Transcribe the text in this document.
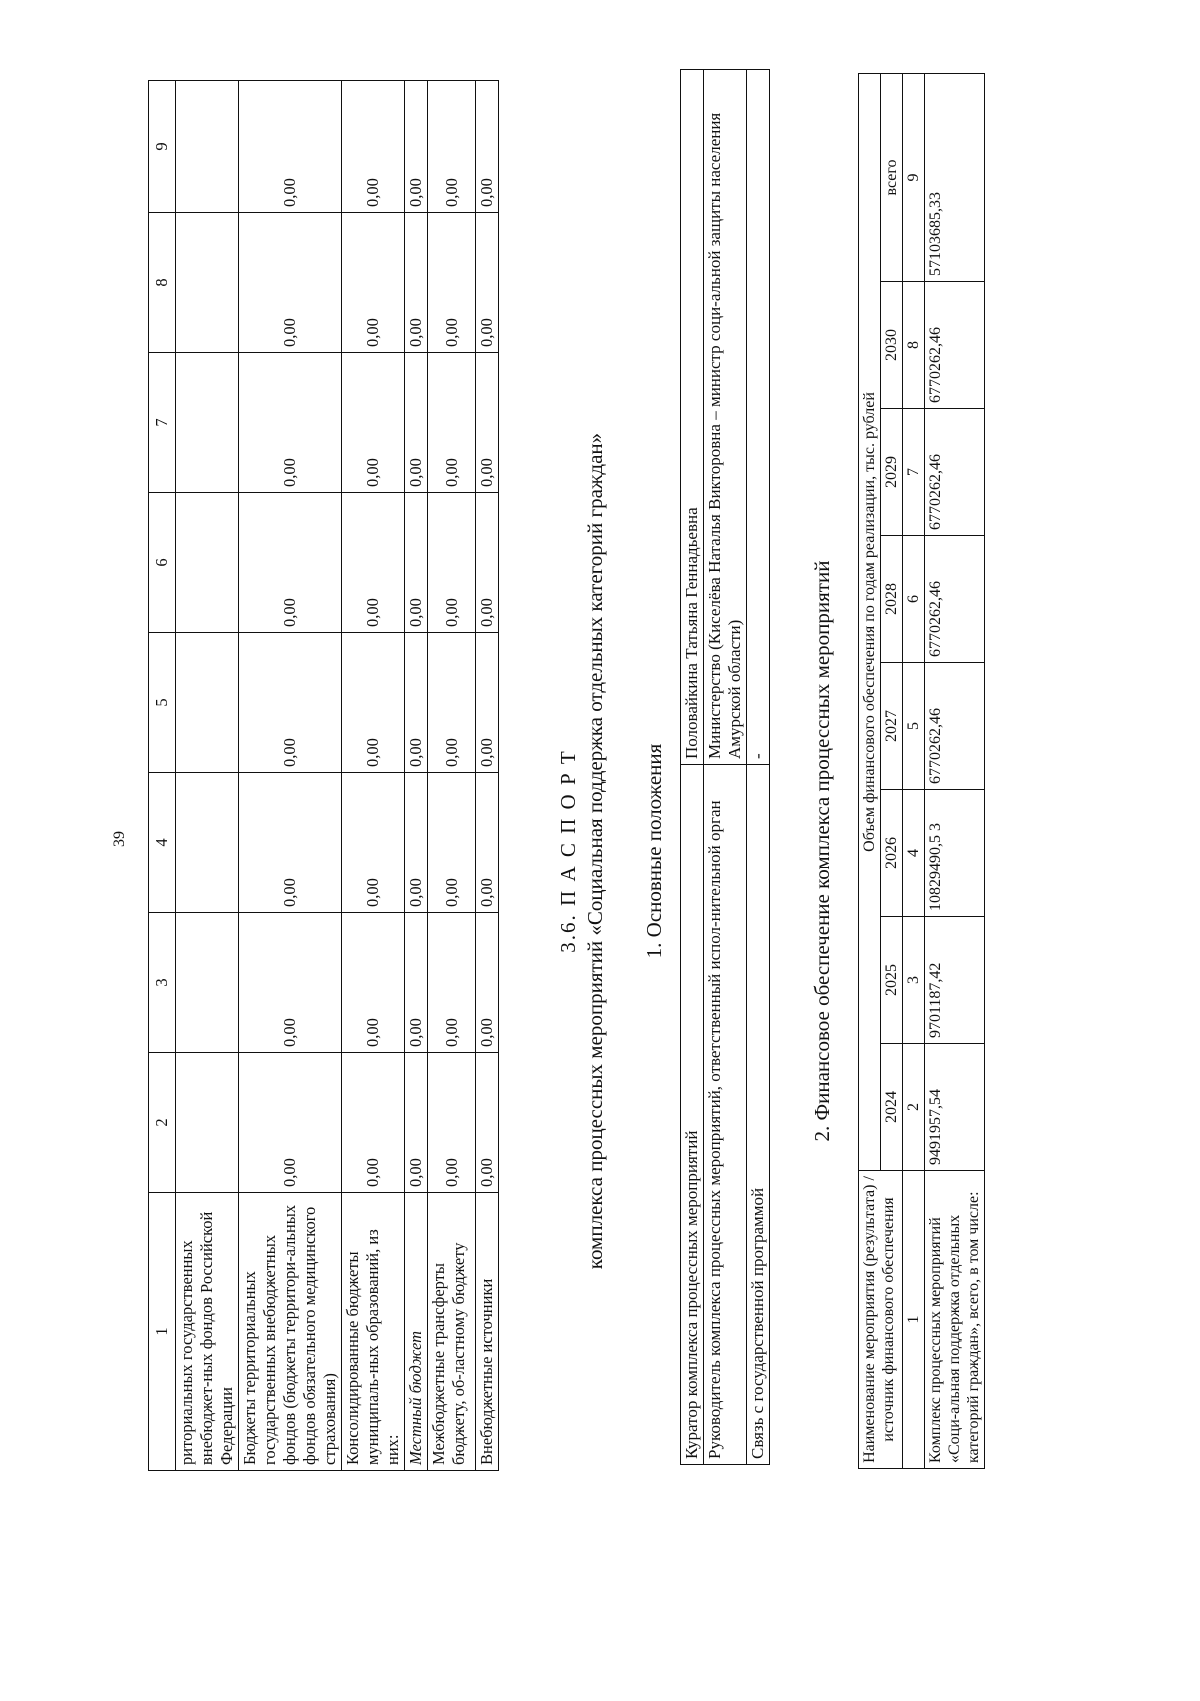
39
1	2	3	4	5	6	7	8	9
риториальных государственных внебюджет-ных фондов Российской Федерации								
Бюджеты территориальных государственных внебюджетных фондов (бюджеты территори-альных фондов обязательного медицинского страхования)	0,00	0,00	0,00	0,00	0,00	0,00	0,00	0,00
Консолидированные бюджеты муниципаль-ных образований, из них:	0,00	0,00	0,00	0,00	0,00	0,00	0,00	0,00
Местный бюджет	0,00	0,00	0,00	0,00	0,00	0,00	0,00	0,00
Межбюджетные трансферты бюджету, об-ластному бюджету	0,00	0,00	0,00	0,00	0,00	0,00	0,00	0,00
Внебюджетные источники	0,00	0,00	0,00	0,00	0,00	0,00	0,00	0,00
3.6. П А С П О Р Т комплекса процессных мероприятий «Социальная поддержка отдельных категорий граждан» 1. Основные положения
Куратор комплекса процессных мероприятий	Половайкина Татьяна Геннадьевна
Руководитель комплекса процессных мероприятий, ответственный испол-нительной орган	Министерство (Киселёва Наталья Викторовна – министр соци-альной защиты населения Амурской области)
Связь с государственной программой	- 2. Финансовое обеспечение комплекса процессных мероприятий
Наименование мероприятия (результата) / источник финансового обеспечения	Объем финансового обеспечения по годам реализации, тыс. рублей							
	2024	2025	2026	2027	2028	2029	2030	всего
1	2	3	4	5	6	7	8	9
Комплекс процессных мероприятий «Соци-альная поддержка отдельных категорий граждан», всего, в том числе:	9491957,54	9701187,42	10829490,5 3	6770262,46	6770262,46	6770262,46	6770262,46	57103685,33
